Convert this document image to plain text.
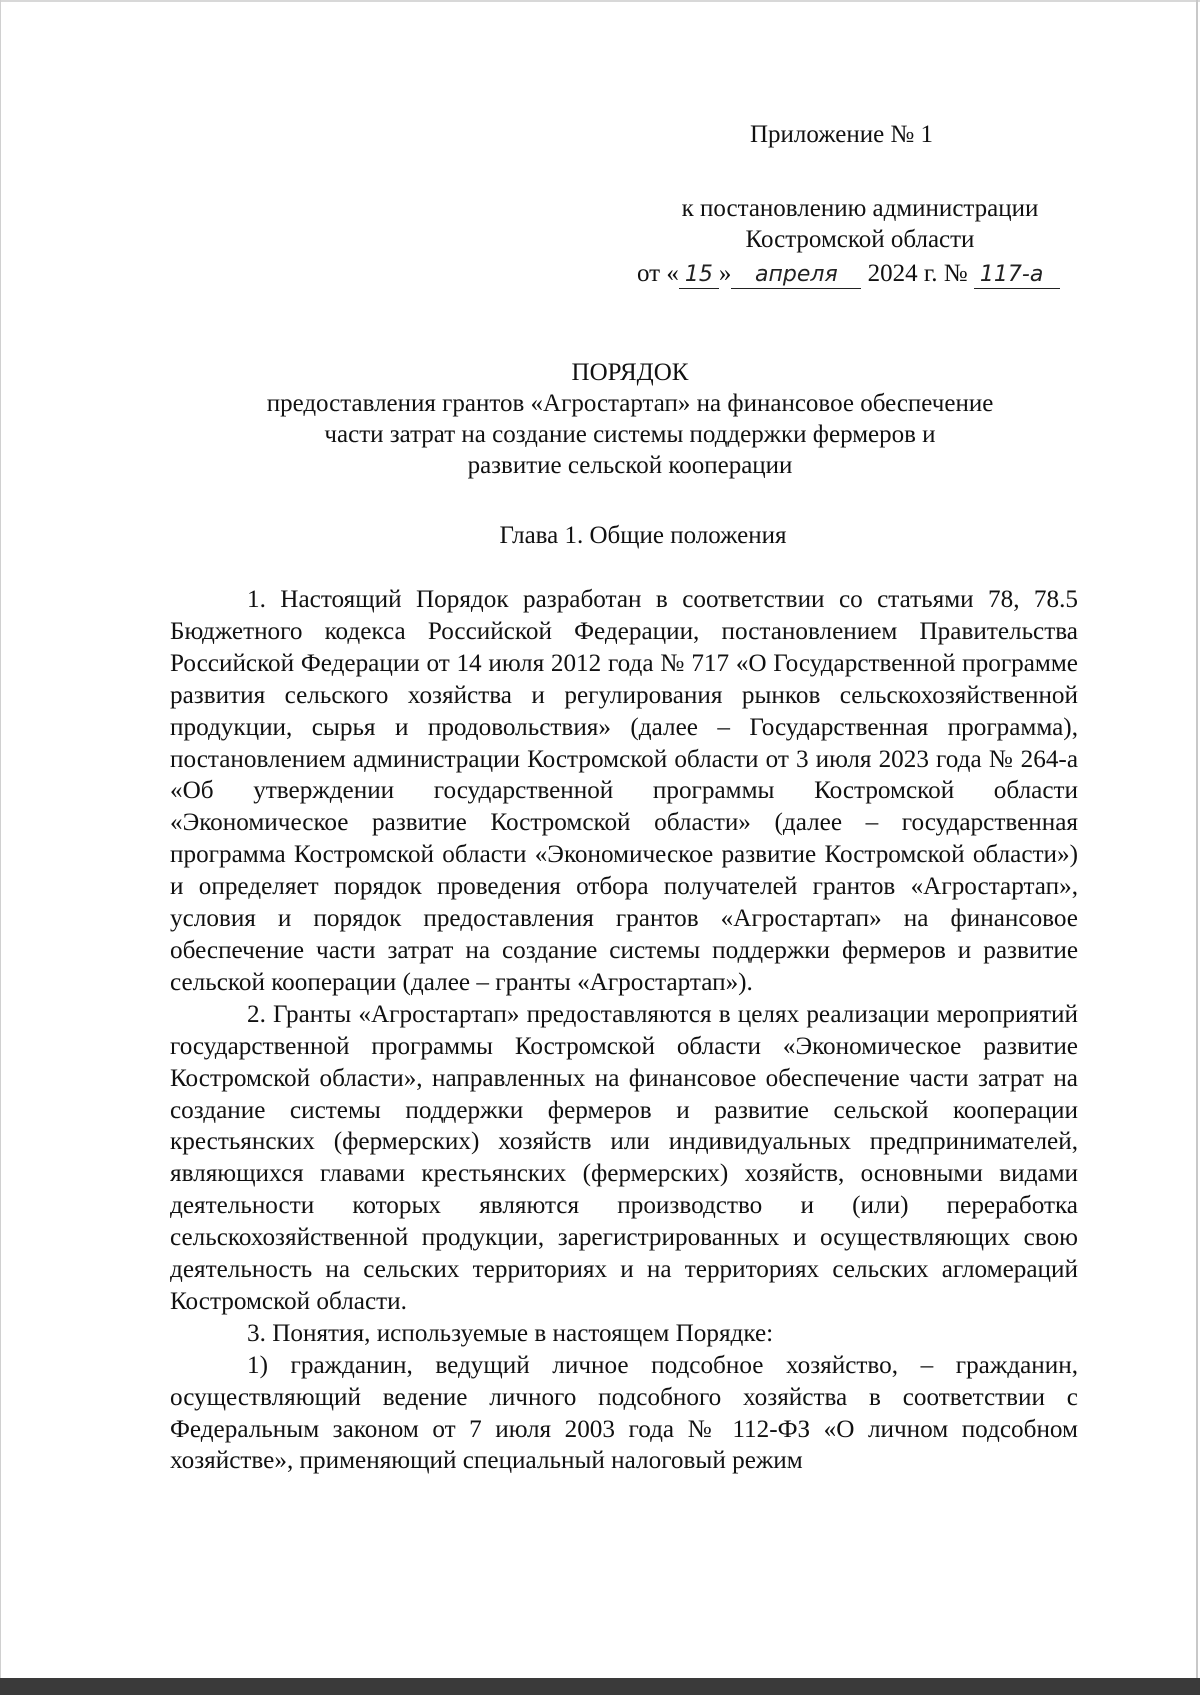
Приложение № 1
к постановлению администрации
Костромской области
от « 15 » апреля 2024 г. № 117-а
ПОРЯДОК
предоставления грантов «Агростартап» на финансовое обеспечение
части затрат на создание системы поддержки фермеров и
развитие сельской кооперации
Глава 1. Общие положения

1. Настоящий Порядок разработан в соответствии со статьями 78, 78.5 Бюджетного кодекса Российской Федерации, постановлением Правительства Российской Федерации от 14 июля 2012 года № 717 «О Государственной программе развития сельского хозяйства и регулирования рынков сельскохозяйственной продукции, сырья и продовольствия» (далее – Государственная программа), постановлением администрации Костромской области от 3 июля 2023 года № 264-а «Об утверждении государственной программы Костромской области «Экономическое развитие Костромской области» (далее – государственная программа Костромской области «Экономическое развитие Костромской области») и определяет порядок проведения отбора получателей грантов «Агростартап», условия и порядок предоставления грантов «Агростартап» на финансовое обеспечение части затрат на создание системы поддержки фермеров и развитие сельской кооперации (далее – гранты «Агростартап»).

2. Гранты «Агростартап» предоставляются в целях реализации мероприятий государственной программы Костромской области «Экономическое развитие Костромской области», направленных на финансовое обеспечение части затрат на создание системы поддержки фермеров и развитие сельской кооперации крестьянских (фермерских) хозяйств или индивидуальных предпринимателей, являющихся главами крестьянских (фермерских) хозяйств, основными видами деятельности которых являются производство и (или) переработка сельскохозяйственной продукции, зарегистрированных и осуществляющих свою деятельность на сельских территориях и на территориях сельских агломераций Костромской области.

3. Понятия, используемые в настоящем Порядке:

1) гражданин, ведущий личное подсобное хозяйство, – гражданин, осуществляющий ведение личного подсобного хозяйства в соответствии с Федеральным законом от 7 июля 2003 года № 112-ФЗ «О личном подсобном хозяйстве», применяющий специальный налоговый режим
